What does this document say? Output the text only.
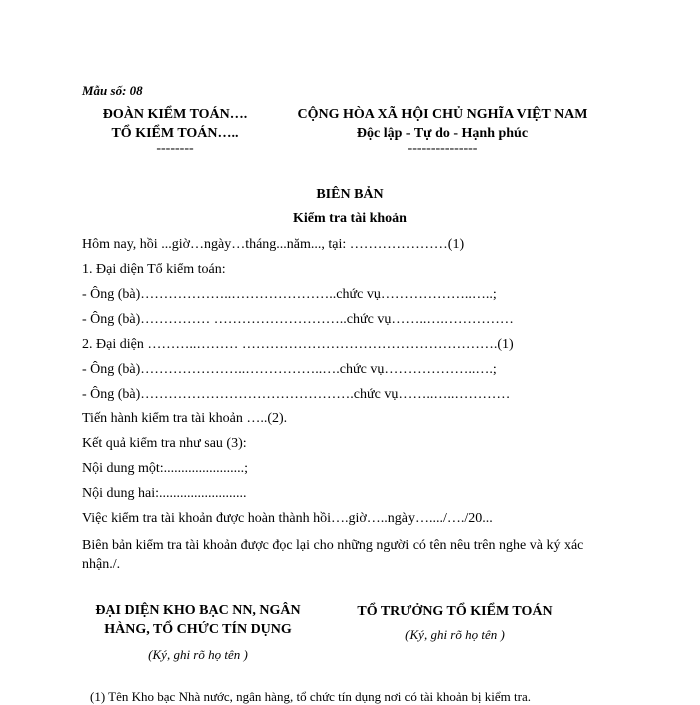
Mẫu số: 08
ĐOÀN KIỂM TOÁN….
TỔ KIỂM TOÁN…..
--------
CỘNG HÒA XÃ HỘI CHỦ NGHĨA VIỆT NAM
Độc lập - Tự do - Hạnh phúc
---------------
BIÊN BẢN
Kiểm tra tài khoản
Hôm nay, hồi ...giờ…ngày…tháng...năm..., tại: …………………(1)
1. Đại diện Tổ kiểm toán:
- Ông (bà)………………..…………………..chức vụ………………..…..;
- Ông (bà)…………… ………………………..chức vụ……..….……………
2. Đại diện ………..……… ……………………………………………….(1)
- Ông (bà)…………………..……………..….chức vụ………………..….;
- Ông (bà)……………………………………….chức vụ……..…..…………
Tiến hành kiểm tra tài khoản …..(2).
Kết quả kiểm tra như sau (3):
Nội dung một:.......................;
Nội dung hai:.........................
Việc kiểm tra tài khoản được hoàn thành hồi….giờ…..ngày…..../…./20...
Biên bản kiểm tra tài khoản được đọc lại cho những người có tên nêu trên nghe và ký xác nhận./.
ĐẠI DIỆN KHO BẠC NN, NGÂN HÀNG, TỔ CHỨC TÍN DỤNG
(Ký, ghi rõ họ tên )
TỔ TRƯỞNG TỔ KIỂM TOÁN
(Ký, ghi rõ họ tên )
(1) Tên Kho bạc Nhà nước, ngân hàng, tổ chức tín dụng nơi có tài khoản bị kiểm tra.
